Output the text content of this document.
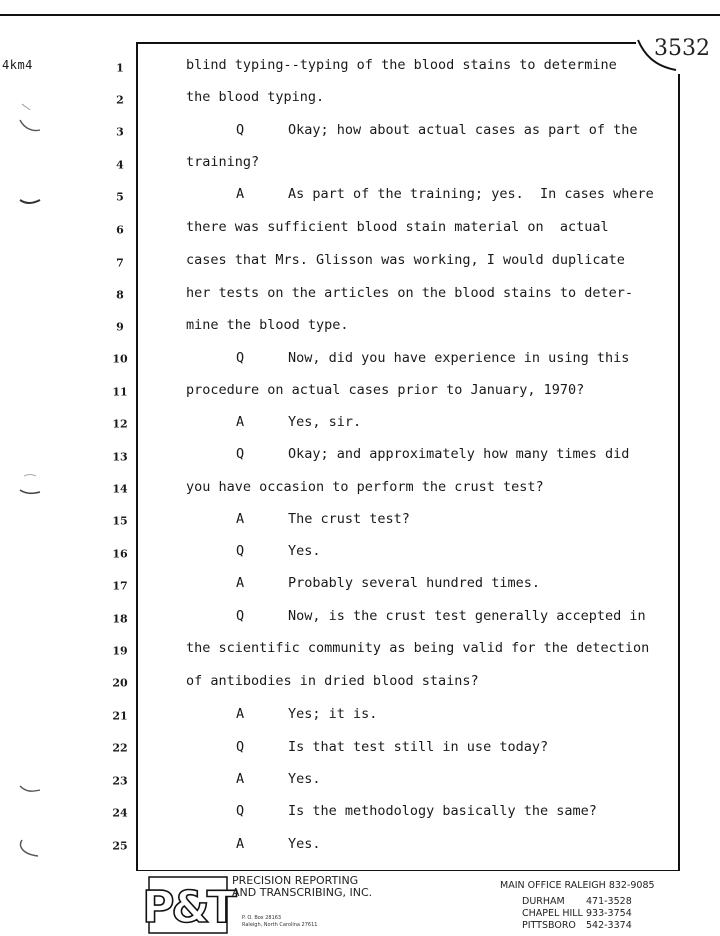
4km4
3532
1
2
3
4
5
6
7
8
9
10
11
12
13
14
15
16
17
18
19
20
21
22
23
24
25
blind typing--typing of the blood stains to determine
the blood typing.
Q	Okay; how about actual cases as part of the
training?
A	As part of the training; yes.  In cases where
there was sufficient blood stain material on  actual
cases that Mrs. Glisson was working, I would duplicate
her tests on the articles on the blood stains to deter-
mine the blood type.
Q	Now, did you have experience in using this
procedure on actual cases prior to January, 1970?
A	Yes, sir.
Q	Okay; and approximately how many times did
you have occasion to perform the crust test?
A	The crust test?
Q	Yes.
A	Probably several hundred times.
Q	Now, is the crust test generally accepted in
the scientific community as being valid for the detection
of antibodies in dried blood stains?
A	Yes; it is.
Q	Is that test still in use today?
A	Yes.
Q	Is the methodology basically the same?
A	Yes.
P&T
PRECISION REPORTING
AND TRANSCRIBING, INC.
P. O. Box 28163
Raleigh, North Carolina 27611
MAIN OFFICE RALEIGH 832-9085
DURHAM 471-3528
CHAPEL HILL 933-3754
PITTSBORO 542-3374
